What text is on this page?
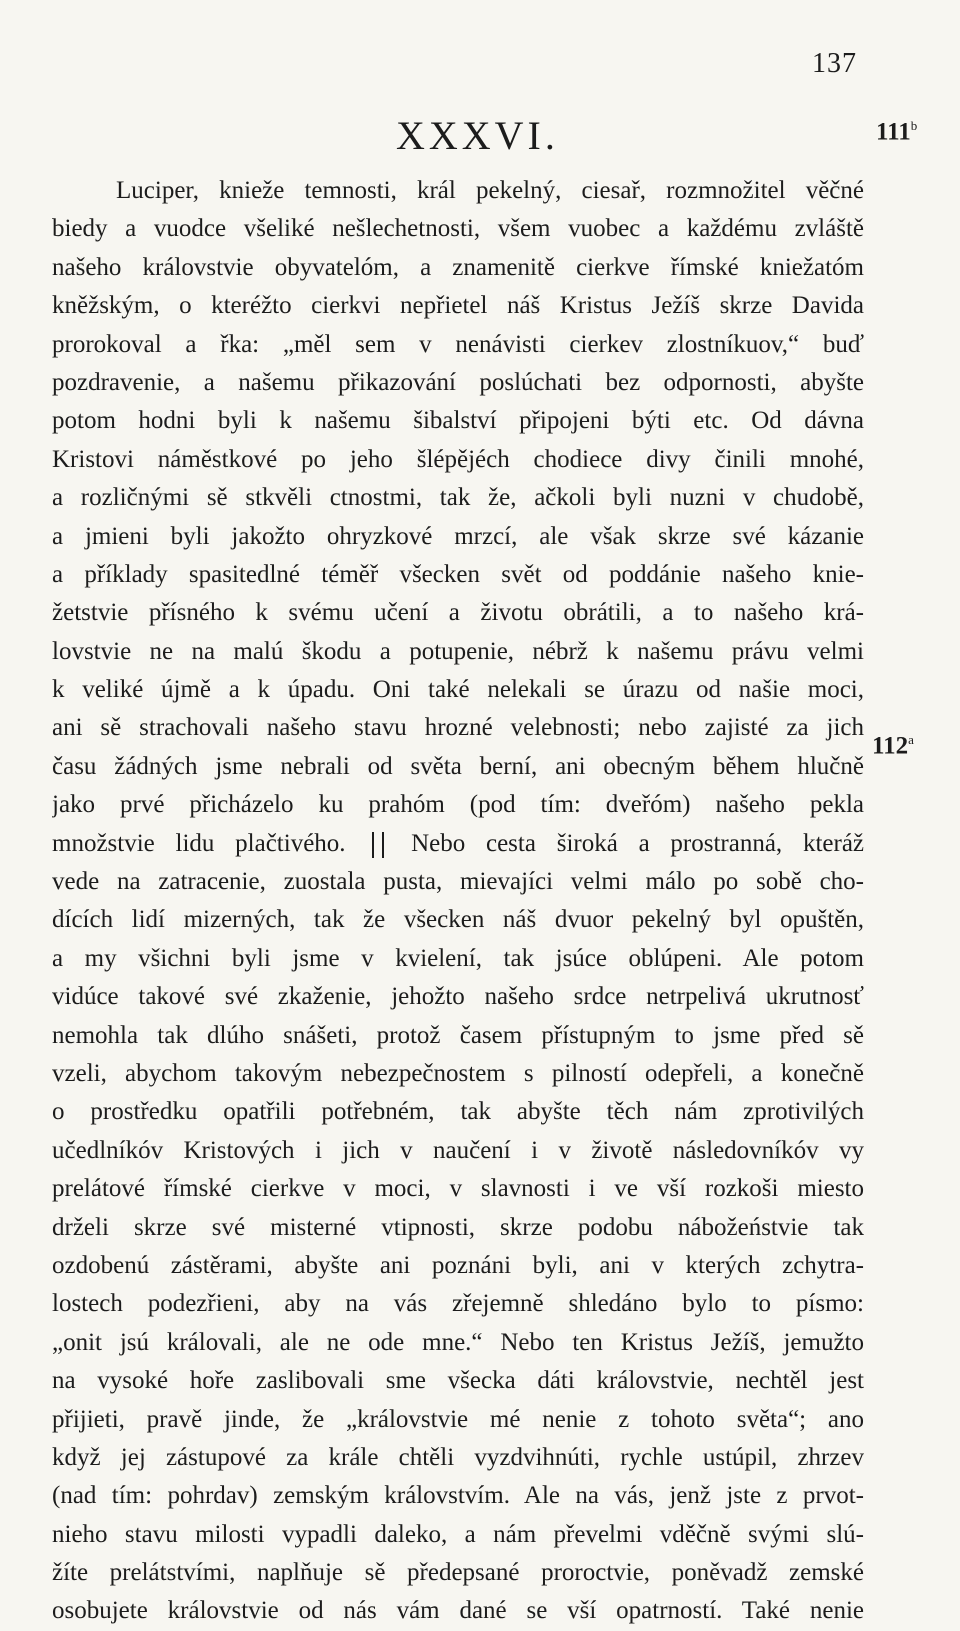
137
XXXVI.	111$^b$
112$^a$
Luciper, knieže temnosti, král pekelný, ciesař, rozmnožitel věčné
biedy a vuodce všeliké nešlechetnosti, všem vuobec a každému zvláště
našeho královstvie obyvatelóm, a znamenitě cierkve římské kniežatóm
kněžským, o kteréžto cierkvi nepřietel náš Kristus Ježíš skrze Davida
prorokoval a řka: „měl sem v nenávisti cierkev zlostníkuov,“ buď
pozdravenie, a našemu přikazování poslúchati bez odpornosti, abyšte
potom hodni byli k našemu šibalství připojeni býti etc. Od dávna
Kristovi náměstkové po jeho šlépějéch chodiece divy činili mnohé,
a rozličnými sě stkvěli ctnostmi, tak že, ačkoli byli nuzni v chudobě,
a jmieni byli jakožto ohryzkové mrzcí, ale však skrze své kázanie
a příklady spasitedlné téměř všecken svět od poddánie našeho knie-
žetstvie přísného k svému učení a životu obrátili, a to našeho krá-
lovstvie ne na malú škodu a potupenie, nébrž k našemu právu velmi
k veliké újmě a k úpadu. Oni také nelekali se úrazu od našie moci,
ani sě strachovali našeho stavu hrozné velebnosti; nebo zajisté za jich
času žádných jsme nebrali od světa berní, ani obecným během hlučně
jako prvé přicházelo ku prahóm (pod tím: dveřóm) našeho pekla
množstvie lidu plačtivého.	Nebo cesta široká a prostranná, kteráž
vede na zatracenie, zuostala pusta, mievajíci velmi málo po sobě cho-
dících lidí mizerných, tak že všecken náš dvuor pekelný byl opuštěn,
a my všichni byli jsme v kvielení, tak jsúce oblúpeni. Ale potom
vidúce takové své zkaženie, jehožto našeho srdce netrpelivá ukrutnosť
nemohla tak dlúho snášeti, protož časem přístupným to jsme před sě
vzeli, abychom takovým nebezpečnostem s pilností odepřeli, a konečně
o prostředku opatřili potřebném, tak abyšte těch nám zprotivilých
učedlníkóv Kristových i jich v naučení i v životě následovníkóv vy
prelátové římské cierkve v moci, v slavnosti i ve vší rozkoši miesto
drželi skrze své misterné vtipnosti, skrze podobu nábožeństvie tak
ozdobenú zástěrami, abyšte ani poznáni byli, ani v kterých zchytra-
lostech podezřieni, aby na vás zřejemně shledáno bylo to písmo:
„onit jsú královali, ale ne ode mne.“ Nebo ten Kristus Ježíš, jemužto
na vysoké hoře zaslibovali sme všecka dáti královstvie, nechtěl jest
přijieti, pravě jinde, že „královstvie mé nenie z tohoto světa“; ano
když jej zástupové za krále chtěli vyzdvihnúti, rychle ustúpil, zhrzev
(nad tím: pohrdav) zemským královstvím. Ale na vás, jenž jste z prvot-
nieho stavu milosti vypadli daleko, a nám převelmi vděčně svými slú-
žíte prelátstvími, naplňuje sě předepsané proroctvie, poněvadž zemské
osobujete královstvie od nás vám dané se vší opatrností. Také nenie
